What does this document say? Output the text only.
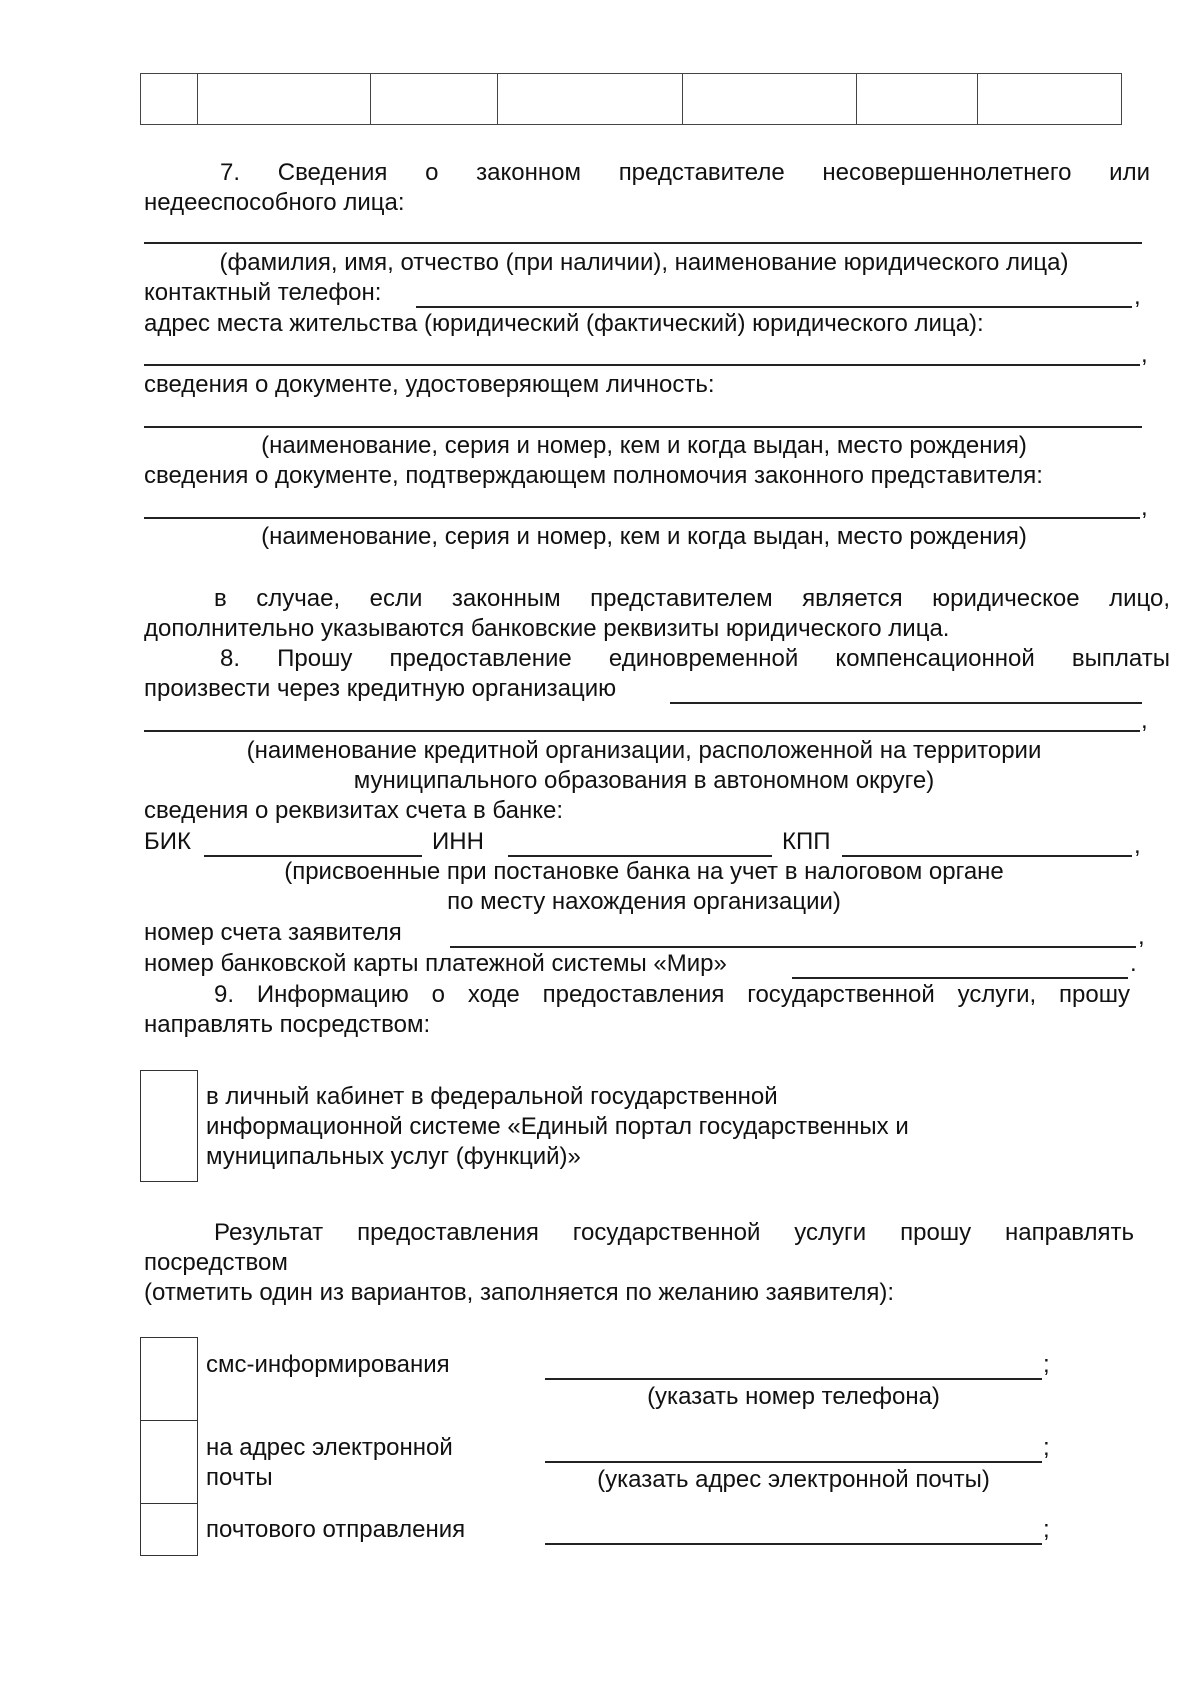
7. Сведения о законном представителе несовершеннолетнего или
недееспособного лица:
(фамилия, имя, отчество (при наличии), наименование юридического лица)
контактный телефон:	,
адрес места жительства (юридический (фактический) юридического лица):
,
сведения о документе, удостоверяющем личность:
(наименование, серия и номер, кем и когда выдан, место рождения)
сведения о документе, подтверждающем полномочия законного представителя:
,
(наименование, серия и номер, кем и когда выдан, место рождения)
в случае, если законным представителем является юридическое лицо,
дополнительно указываются банковские реквизиты юридического лица.
8. Прошу предоставление единовременной компенсационной выплаты
произвести через кредитную организацию
,
(наименование кредитной организации, расположенной на территории
муниципального образования в автономном округе)
сведения о реквизитах счета в банке:
БИК	ИНН	КПП	,
(присвоенные при постановке банка на учет в налоговом органе
по месту нахождения организации)
номер счета заявителя	,
номер банковской карты платежной системы «Мир»	.
9. Информацию о ходе предоставления государственной услуги, прошу
направлять посредством:
в личный кабинет в федеральной государственной
информационной системе «Единый портал государственных и
муниципальных услуг (функций)»
Результат предоставления государственной услуги прошу направлять
посредством
(отметить один из вариантов, заполняется по желанию заявителя):
смс-информирования	;
(указать номер телефона)
на адрес электронной
почты
;
(указать адрес электронной почты)
почтового отправления	;
